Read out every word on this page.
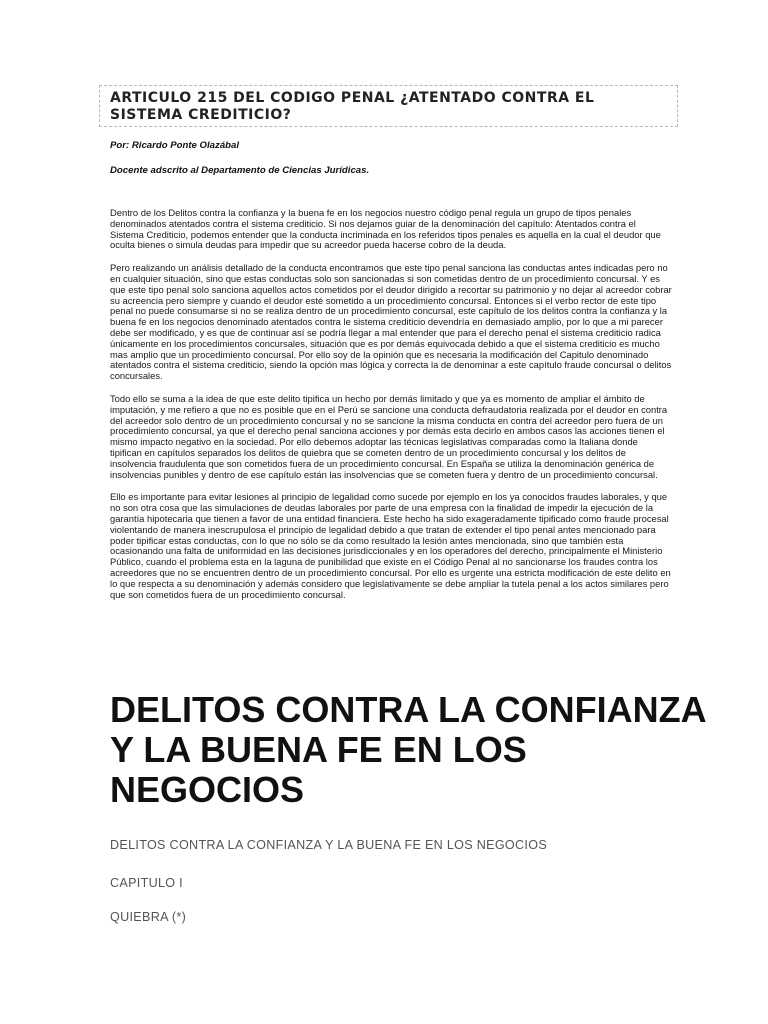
ARTICULO 215 DEL CODIGO PENAL ¿ATENTADO CONTRA EL SISTEMA CREDITICIO?

Por: Ricardo Ponte Olazábal

Docente adscrito al Departamento de Ciencias Jurídicas.

Dentro de los Delitos contra la confianza y la buena fe en los negocios nuestro código penal regula un grupo de tipos penales denominados atentados contra el sistema crediticio. Si nos dejamos guiar de la denominación del capítulo: Atentados contra el Sistema Crediticio, podemos entender que la conducta incriminada en los referidos tipos penales es aquella en la cual el deudor que oculta bienes o simula deudas para impedir que su acreedor pueda hacerse cobro de la deuda.

Pero realizando un análisis detallado de la conducta encontramos que este tipo penal sanciona las conductas antes indicadas pero no en cualquier situación, sino que estas conductas solo son sancionadas si son cometidas dentro de un procedimiento concursal. Y es que este tipo penal solo sanciona aquellos actos cometidos por el deudor dirigido a recortar su patrimonio y no dejar al acreedor cobrar su acreencia pero siempre y cuando el deudor esté sometido a un procedimiento concursal. Entonces si el verbo rector de este tipo penal no puede consumarse si no se realiza dentro de un procedimiento concursal, este capítulo de los delitos contra la confianza y la buena fe en los negocios denominado atentados contra le sistema crediticio devendría en demasiado amplio, por lo que a mi parecer debe ser modificado, y es que de continuar así se podría llegar a mal entender que para el derecho penal el sistema crediticio radica únicamente en los procedimientos concursales, situación que es por demás equivocada debido a que el sistema crediticio es mucho mas amplio que un procedimiento concursal. Por ello soy de la opinión que es necesaria la modificación del Capitulo denominado atentados contra el sistema crediticio, siendo la opción mas lógica y correcta la de denominar a este capítulo fraude concursal o delitos concursales.

Todo ello se suma a la idea de que este delito tipifica un hecho por demás limitado y que ya es momento de ampliar el ámbito de imputación, y me refiero a que no es posible que en el Perú se sancione una conducta defraudatoria realizada por el deudor en contra del acreedor solo dentro de un procedimiento concursal y no se sancione la misma conducta en contra del acreedor pero fuera de un procedimiento concursal, ya que el derecho penal sanciona acciones y por demás esta decirlo en ambos casos las acciones tienen el mismo impacto negativo en la sociedad. Por ello debemos adoptar las técnicas legislativas comparadas como la Italiana donde tipifican en capítulos separados los delitos de quiebra que se cometen dentro de un procedimiento concursal y los delitos de insolvencia fraudulenta que son cometidos fuera de un procedimiento concursal. En España se utiliza la denominación genérica de insolvencias punibles y dentro de ese capítulo están las insolvencias que se cometen fuera y dentro de un procedimiento concursal.

Ello es importante para evitar lesiones al principio de legalidad como sucede por ejemplo en los ya conocidos fraudes laborales, y que no son otra cosa que las simulaciones de deudas laborales por parte de una empresa con la finalidad de impedir la ejecución de la garantía hipotecaria que tienen a favor de una entidad financiera. Este hecho ha sido exageradamente tipificado como fraude procesal violentando de manera inescrupulosa el principio de legalidad debido a que tratan de extender el tipo penal antes mencionado para poder tipificar estas conductas, con lo que no sólo se da como resultado la lesión antes mencionada, sino que también esta ocasionando una falta de uniformidad en las decisiones jurisdiccionales y en los operadores del derecho, principalmente el Ministerio Público, cuando el problema esta en la laguna de punibilidad que existe en el Código Penal al no sancionarse los fraudes contra los acreedores que no se encuentren dentro de un procedimiento concursal. Por ello es urgente una estricta modificación de este delito en lo que respecta a su denominación y además considero que legislativamente se debe ampliar la tutela penal a los actos similares pero que son cometidos fuera de un procedimiento concursal.

DELITOS CONTRA LA CONFIANZA Y LA BUENA FE EN LOS NEGOCIOS

DELITOS CONTRA LA CONFIANZA Y LA BUENA FE EN LOS NEGOCIOS

CAPITULO I

QUIEBRA (*)
